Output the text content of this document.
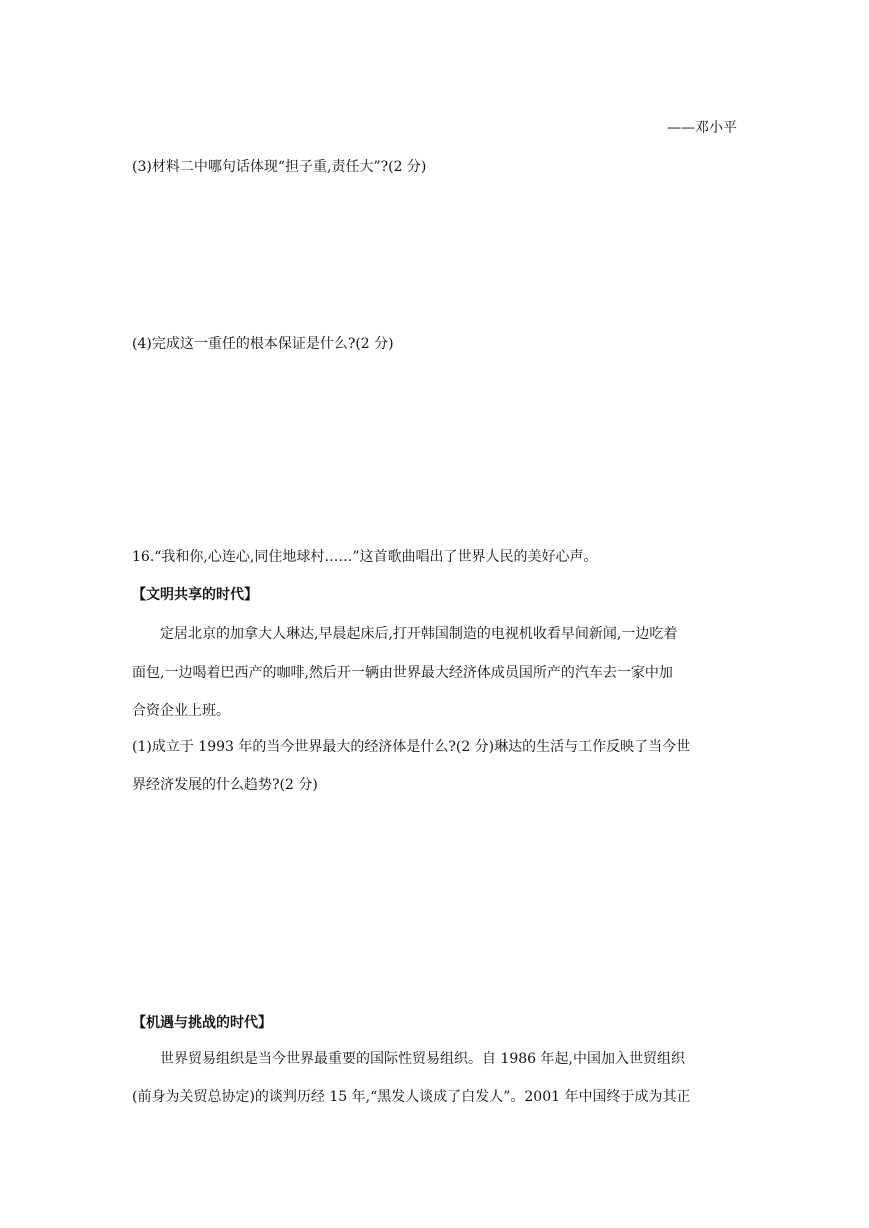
——邓小平
(3)材料二中哪句话体现“担子重,责任大”?(2 分)
(4)完成这一重任的根本保证是什么?(2 分)
16.“我和你,心连心,同住地球村……”这首歌曲唱出了世界人民的美好心声。
【文明共享的时代】
定居北京的加拿大人琳达,早晨起床后,打开韩国制造的电视机收看早间新闻,一边吃着
面包,一边喝着巴西产的咖啡,然后开一辆由世界最大经济体成员国所产的汽车去一家中加
合资企业上班。
(1)成立于 1993 年的当今世界最大的经济体是什么?(2 分)琳达的生活与工作反映了当今世
界经济发展的什么趋势?(2 分)
【机遇与挑战的时代】
世界贸易组织是当今世界最重要的国际性贸易组织。自 1986 年起,中国加入世贸组织
(前身为关贸总协定)的谈判历经 15 年,“黑发人谈成了白发人”。2001 年中国终于成为其正
